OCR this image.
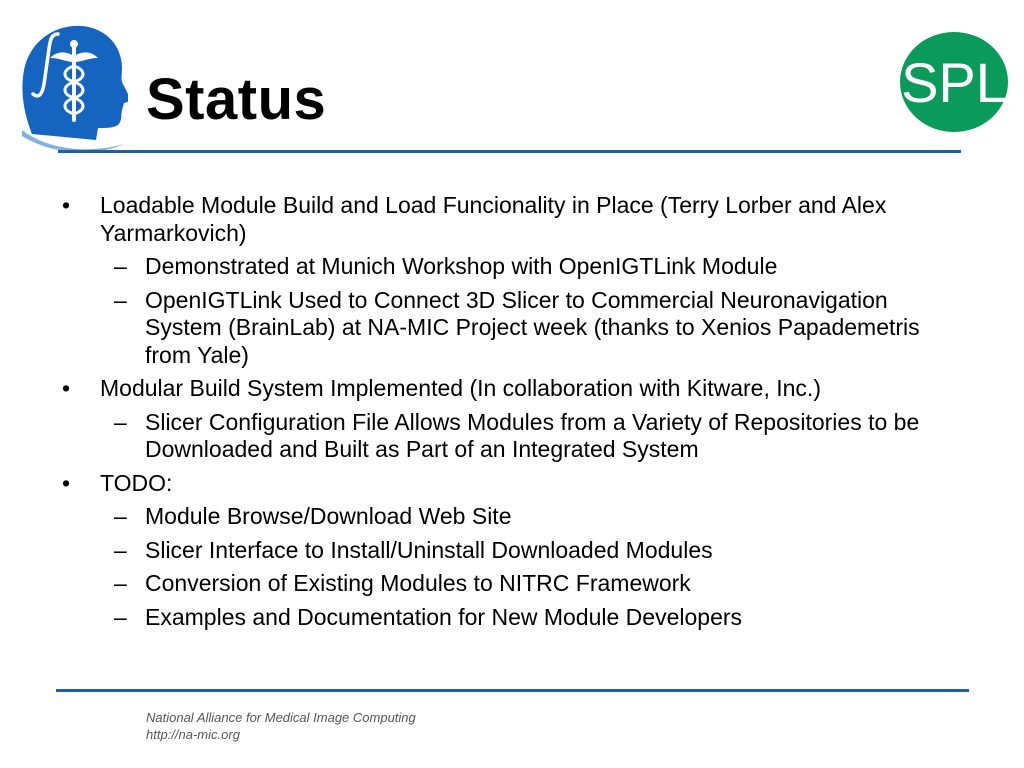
Status	SPL
• Loadable Module Build and Load Funcionality in Place (Terry Lorber and Alex Yarmarkovich)
– Demonstrated at Munich Workshop with OpenIGTLink Module
– OpenIGTLink Used to Connect 3D Slicer to Commercial Neuronavigation System (BrainLab) at NA-MIC Project week (thanks to Xenios Papademetris from Yale)
• Modular Build System Implemented (In collaboration with Kitware, Inc.)
– Slicer Configuration File Allows Modules from a Variety of Repositories to be Downloaded and Built as Part of an Integrated System
• TODO:
– Module Browse/Download Web Site
– Slicer Interface to Install/Uninstall Downloaded Modules
– Conversion of Existing Modules to NITRC Framework
– Examples and Documentation for New Module Developers
National Alliance for Medical Image Computing
http://na-mic.org
